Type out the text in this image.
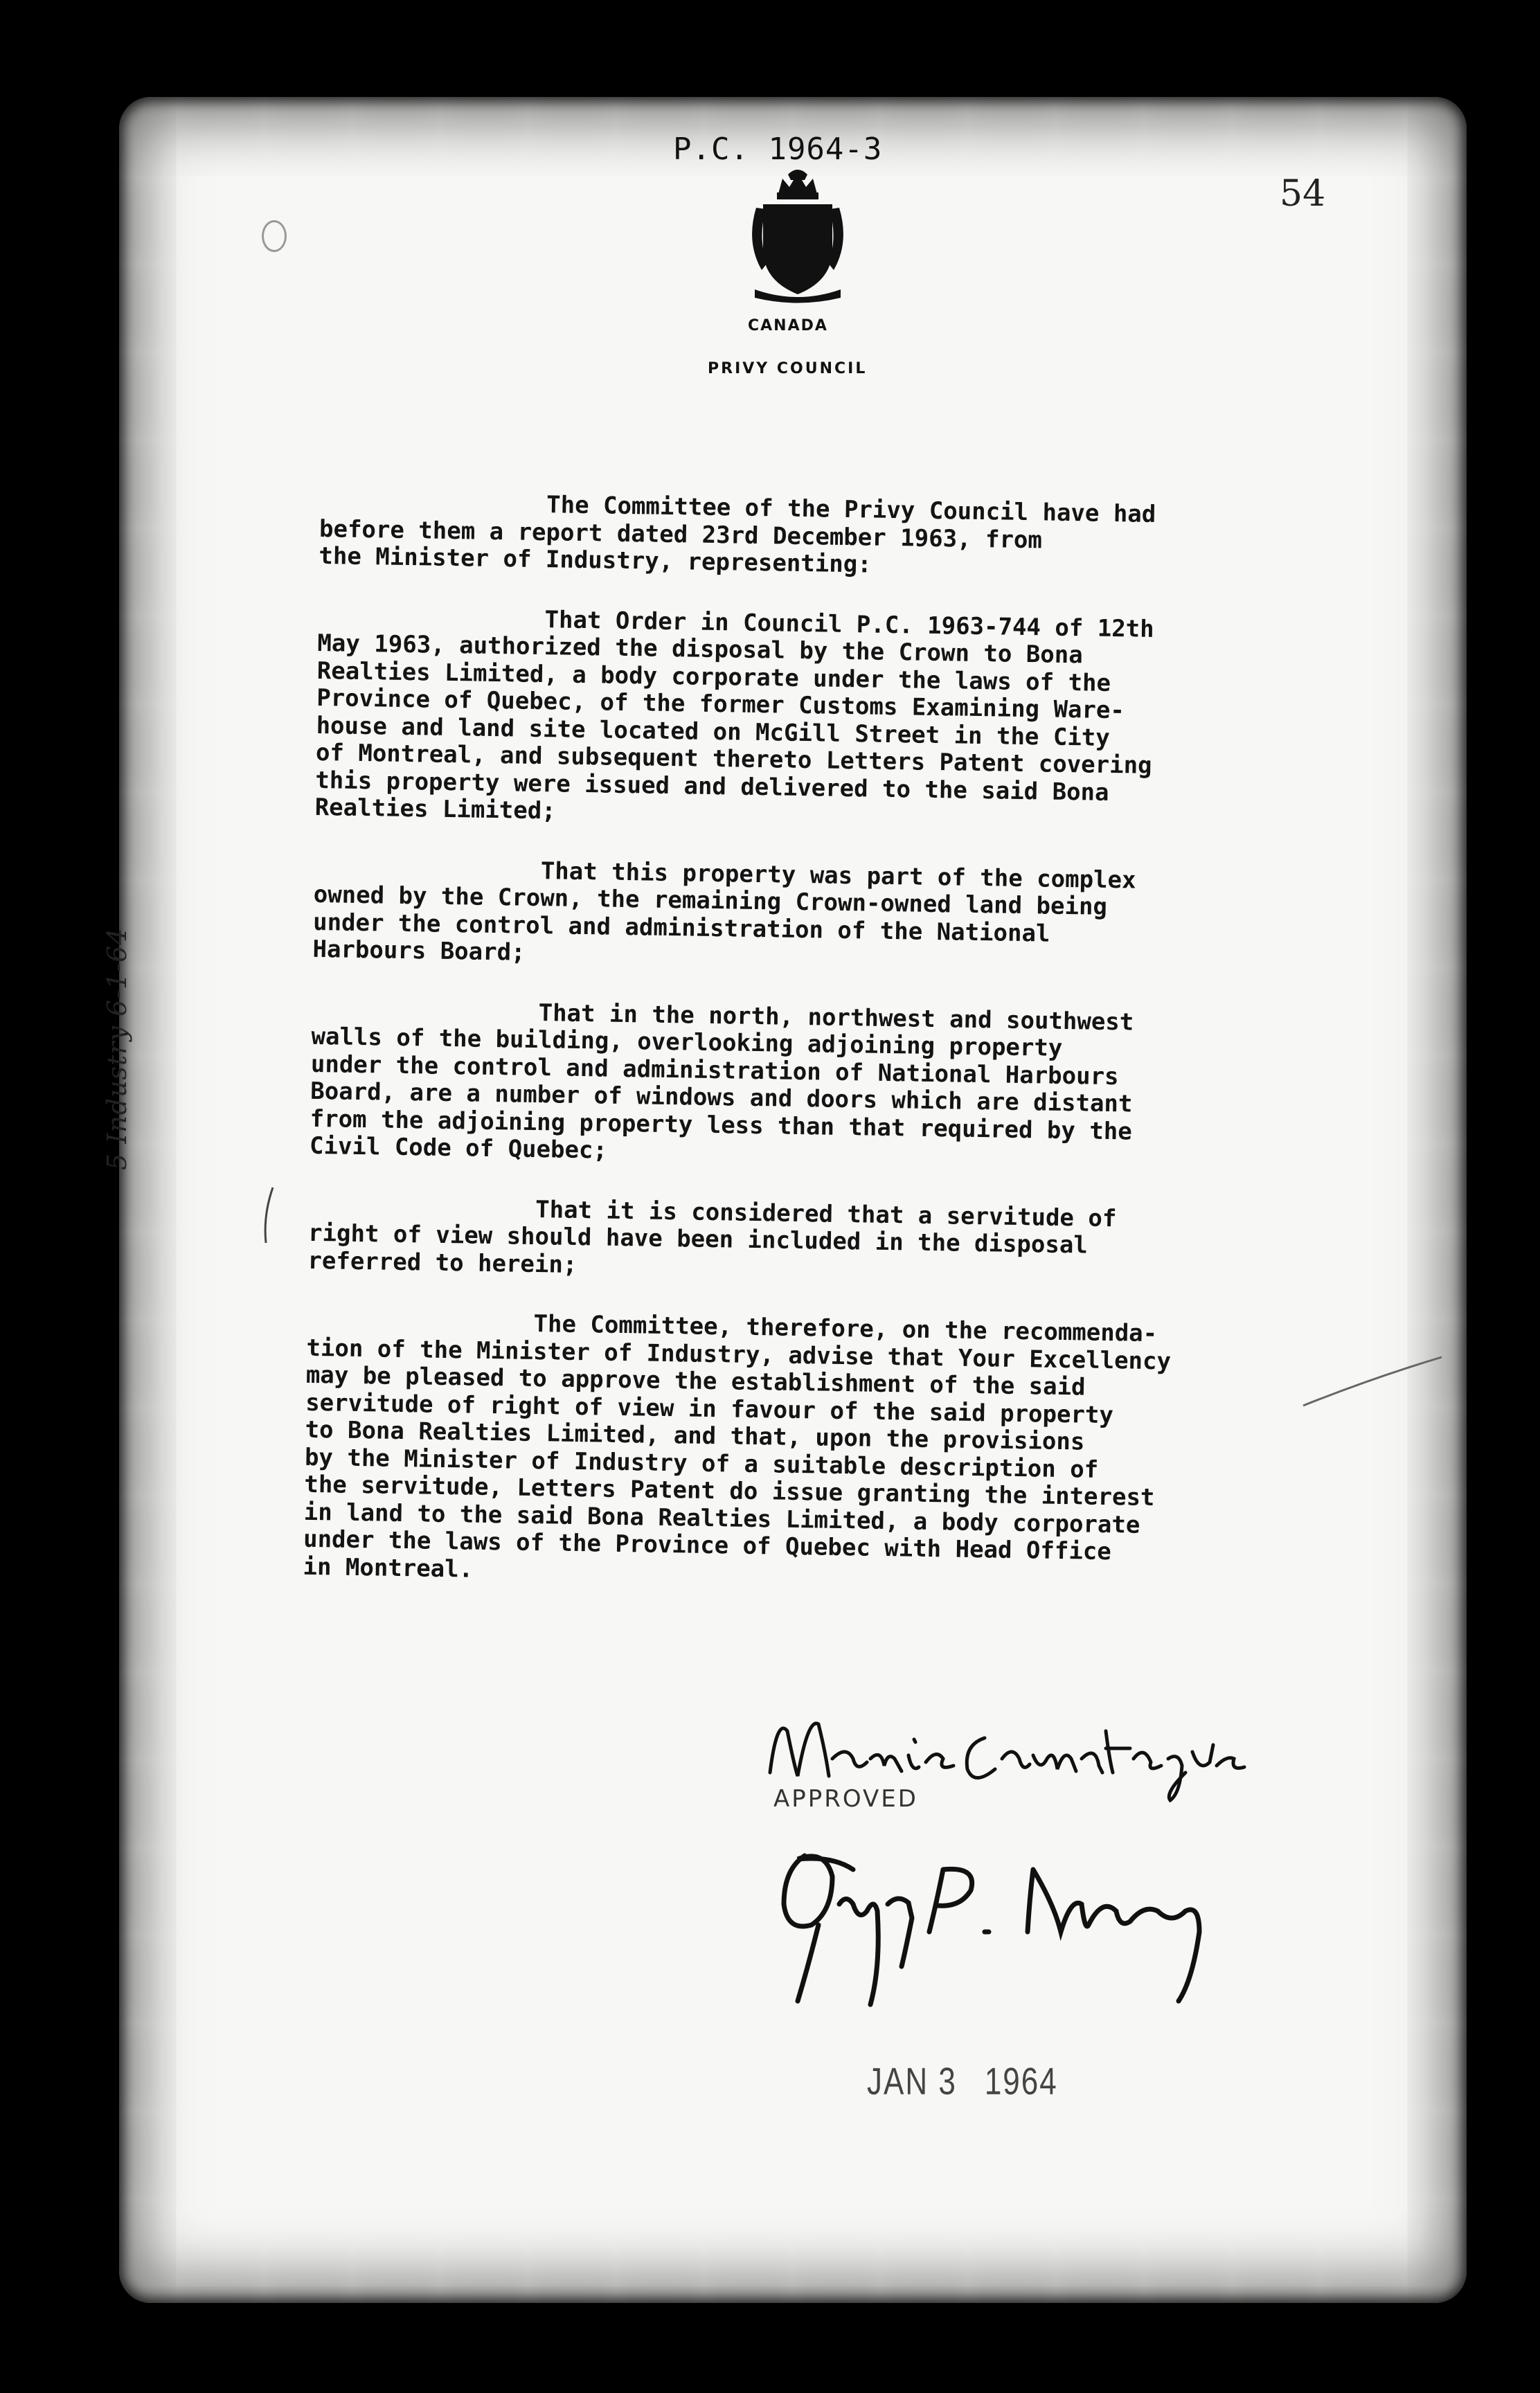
P.C. 1964-3
54
CANADA
PRIVY COUNCIL

The Committee of the Privy Council have had
before them a report dated 23rd December 1963, from
the Minister of Industry, representing:

That Order in Council P.C. 1963-744 of 12th
May 1963, authorized the disposal by the Crown to Bona
Realties Limited, a body corporate under the laws of the
Province of Quebec, of the former Customs Examining Ware-
house and land site located on McGill Street in the City
of Montreal, and subsequent thereto Letters Patent covering
this property were issued and delivered to the said Bona
Realties Limited;

That this property was part of the complex
owned by the Crown, the remaining Crown-owned land being
under the control and administration of the National
Harbours Board;

That in the north, northwest and southwest
walls of the building, overlooking adjoining property
under the control and administration of National Harbours
Board, are a number of windows and doors which are distant
from the adjoining property less than that required by the
Civil Code of Quebec;

That it is considered that a servitude of
right of view should have been included in the disposal
referred to herein;

The Committee, therefore, on the recommenda-
tion of the Minister of Industry, advise that Your Excellency
may be pleased to approve the establishment of the said
servitude of right of view in favour of the said property
to Bona Realties Limited, and that, upon the provisions
by the Minister of Industry of a suitable description of
the servitude, Letters Patent do issue granting the interest
in land to the said Bona Realties Limited, a body corporate
under the laws of the Province of Quebec with Head Office
in Montreal.

5 Industry 6-1-64
APPROVED
JAN 3 1964
